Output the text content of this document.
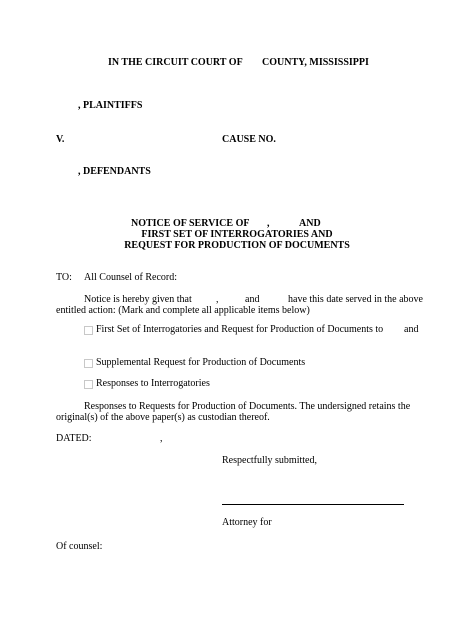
IN THE CIRCUIT COURT OF COUNTY, MISSISSIPPI
, PLAINTIFFS
V.	CAUSE NO.
, DEFENDANTS
NOTICE OF SERVICE OF ,	AND
FIRST SET OF INTERROGATORIES AND
REQUEST FOR PRODUCTION OF DOCUMENTS
TO: All Counsel of Record:
Notice is hereby given that ,	and	have this date served in the above
entitled action: (Mark and complete all applicable items below)
First Set of Interrogatories and Request for Production of Documents to and
Supplemental Request for Production of Documents
Responses to Interrogatories
Responses to Requests for Production of Documents. The undersigned retains the
original(s) of the above paper(s) as custodian thereof.
DATED:	,
Respectfully submitted,
Attorney for
Of counsel:
